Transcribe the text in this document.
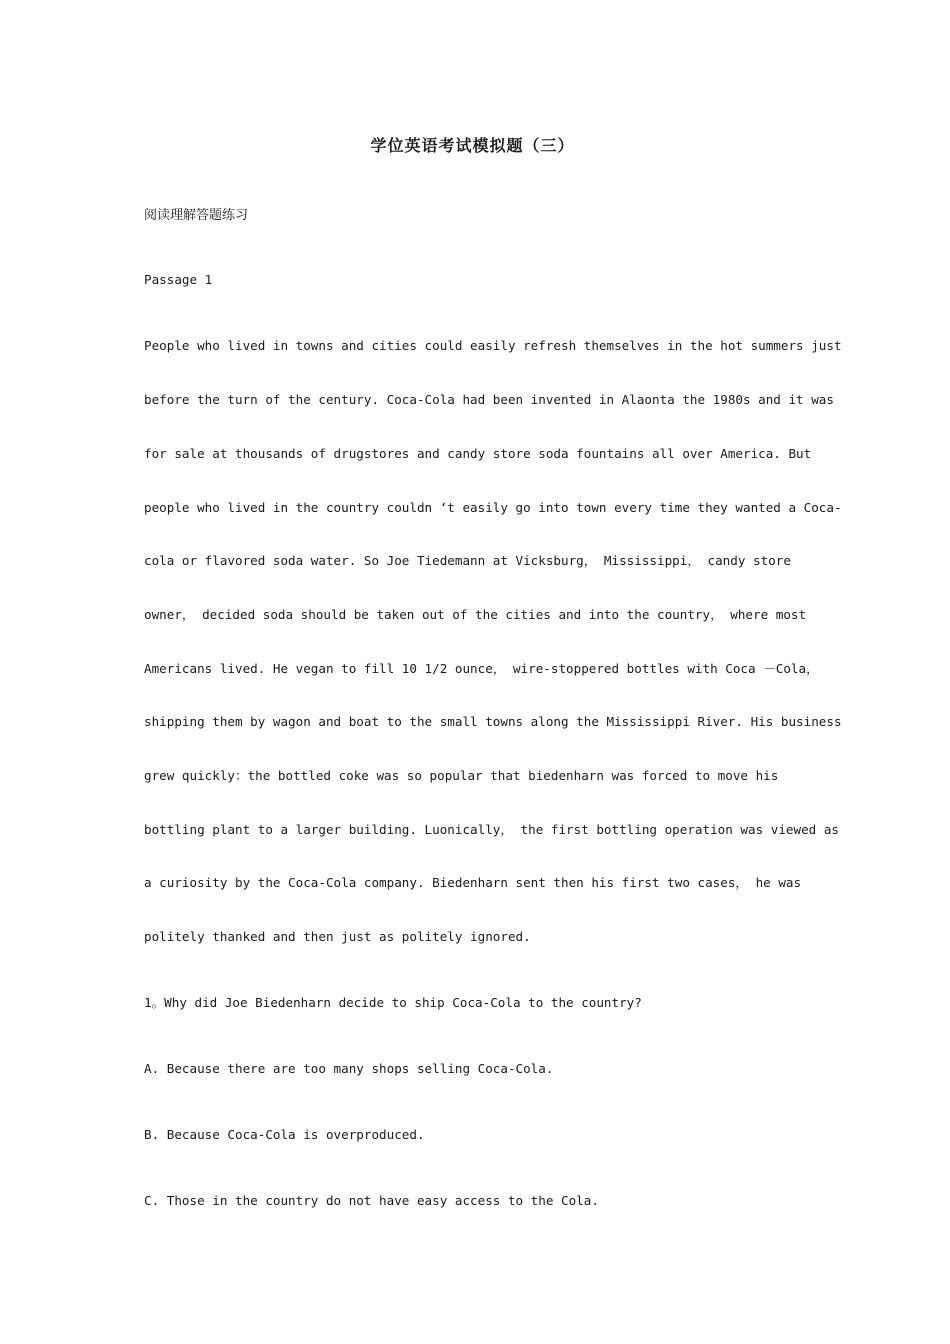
学位英语考试模拟题（三）
阅读理解答题练习
Passage 1
People who lived in towns and cities could easily refresh themselves in the hot summers just
before the turn of the century. Coca-Cola had been invented in Alaonta the 1980s and it was
for sale at thousands of drugstores and candy store soda fountains all over America. But
people who lived in the country couldn ‘t easily go into town every time they wanted a Coca-
cola or flavored soda water. So Joe Tiedemann at Vicksburg， Mississippi， candy store
owner， decided soda should be taken out of the cities and into the country， where most
Americans lived. He vegan to fill 10 1/2 ounce， wire-stoppered bottles with Coca －Cola，
shipping them by wagon and boat to the small towns along the Mississippi River. His business
grew quickly：the bottled coke was so popular that biedenharn was forced to move his
bottling plant to a larger building. Luonically， the first bottling operation was viewed as
a curiosity by the Coca-Cola company. Biedenharn sent then his first two cases， he was
politely thanked and then just as politely ignored.
1。Why did Joe Biedenharn decide to ship Coca-Cola to the country?
A. Because there are too many shops selling Coca-Cola.
B. Because Coca-Cola is overproduced.
C. Those in the country do not have easy access to the Cola.
